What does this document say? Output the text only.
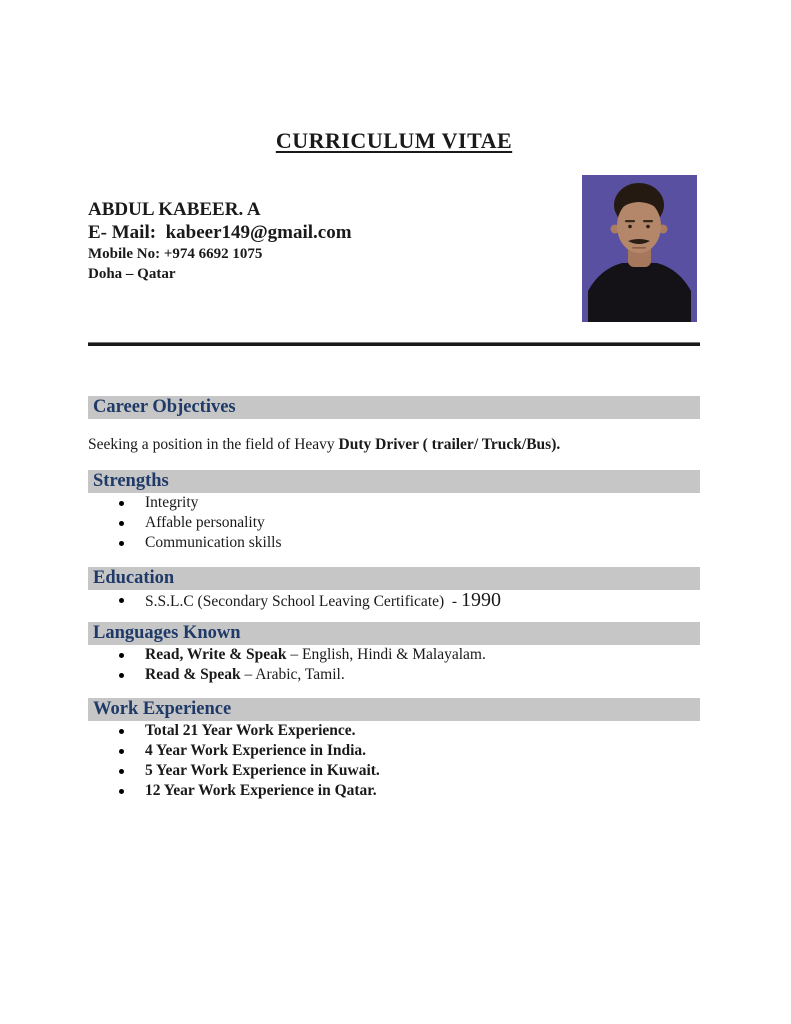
CURRICULUM VITAE
ABDUL KABEER. A
E- Mail:  kabeer149@gmail.com
Mobile No: +974 6692 1075
Doha – Qatar
Career Objectives

Seeking a position in the field of Heavy Duty Driver ( trailer/ Truck/Bus).

Strengths
Integrity
Affable personality
Communication skills
Education
S.S.L.C (Secondary School Leaving Certificate)  - 1990
Languages Known
Read, Write & Speak – English, Hindi & Malayalam.
Read & Speak – Arabic, Tamil.
Work Experience
Total 21 Year Work Experience.
4 Year Work Experience in India.
5 Year Work Experience in Kuwait.
12 Year Work Experience in Qatar.
